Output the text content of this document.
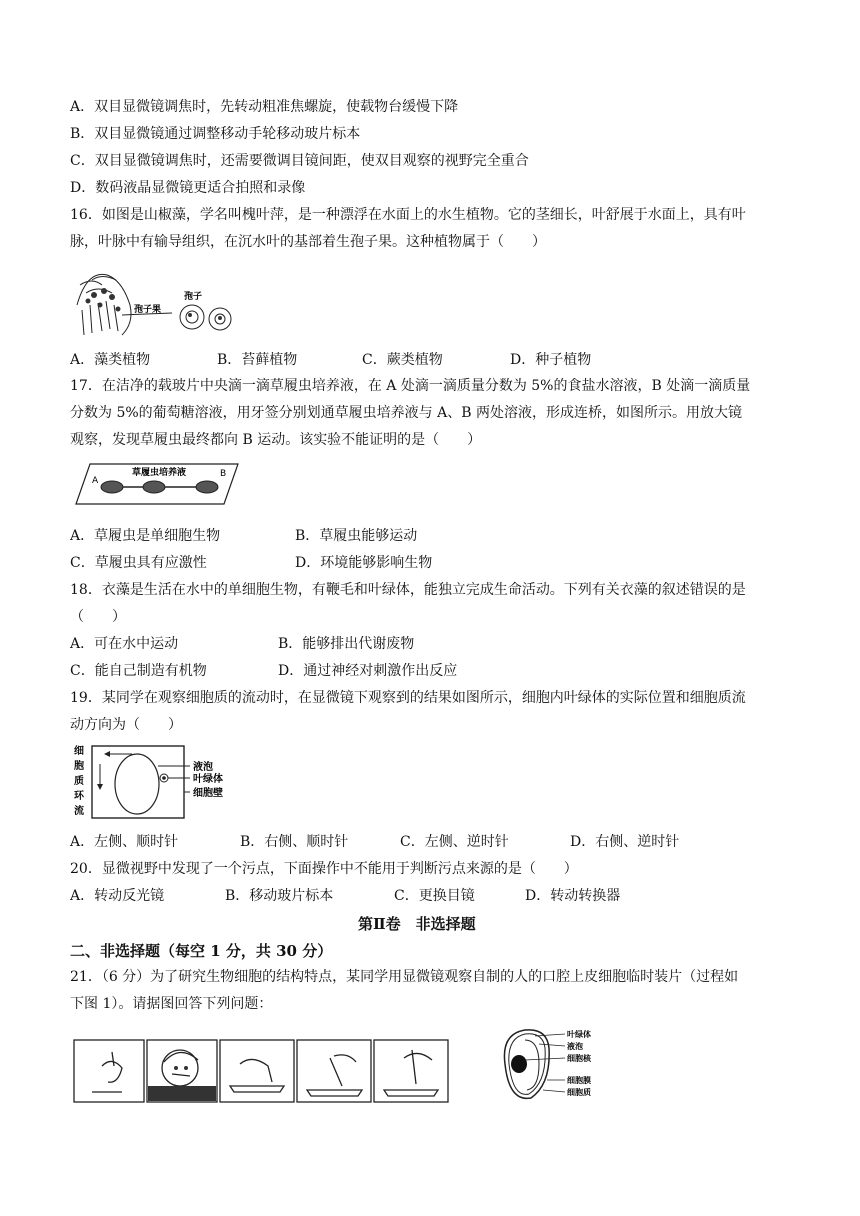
A．双目显微镜调焦时，先转动粗准焦螺旋，使载物台缓慢下降
B．双目显微镜通过调整移动手轮移动玻片标本
C．双目显微镜调焦时，还需要微调目镜间距，使双目观察的视野完全重合
D．数码液晶显微镜更适合拍照和录像
16．如图是山椒藻，学名叫槐叶萍，是一种漂浮在水面上的水生植物。它的茎细长，叶舒展于水面上，具有叶
脉，叶脉中有输导组织，在沉水叶的基部着生孢子果。这种植物属于（　　）
孢子
孢子果
A．藻类植物	B．苔藓植物	C．蕨类植物	D．种子植物
17．在洁净的载玻片中央滴一滴草履虫培养液，在 A 处滴一滴质量分数为 5%的食盐水溶液，B 处滴一滴质量
分数为 5%的葡萄糖溶液，用牙签分别划通草履虫培养液与 A、B 两处溶液，形成连桥，如图所示。用放大镜
观察，发现草履虫最终都向 B 运动。该实验不能证明的是（　　）
草履虫培养液
A
B
A．草履虫是单细胞生物	B．草履虫能够运动
C．草履虫具有应激性	D．环境能够影响生物
18．衣藻是生活在水中的单细胞生物，有鞭毛和叶绿体，能独立完成生命活动。下列有关衣藻的叙述错误的是
（　　）
A．可在水中运动	B．能够排出代谢废物
C．能自己制造有机物	D．通过神经对刺激作出反应
19．某同学在观察细胞质的流动时，在显微镜下观察到的结果如图所示，细胞内叶绿体的实际位置和细胞质流
动方向为（　　）
细
胞
质
环
流
液泡
叶绿体
细胞壁
A．左侧、顺时针	B．右侧、顺时针	C．左侧、逆时针	D．右侧、逆时针
20．显微视野中发现了一个污点，下面操作中不能用于判断污点来源的是（　　）
A．转动反光镜	B．移动玻片标本	C．更换目镜	D．转动转换器
第Ⅱ卷　非选择题
二、非选择题（每空 1 分，共 30 分）
21．（6 分）为了研究生物细胞的结构特点，某同学用显微镜观察自制的人的口腔上皮细胞临时装片（过程如
下图 1）。请据图回答下列问题：
叶绿体
液泡
细胞核
细胞膜
细胞质
